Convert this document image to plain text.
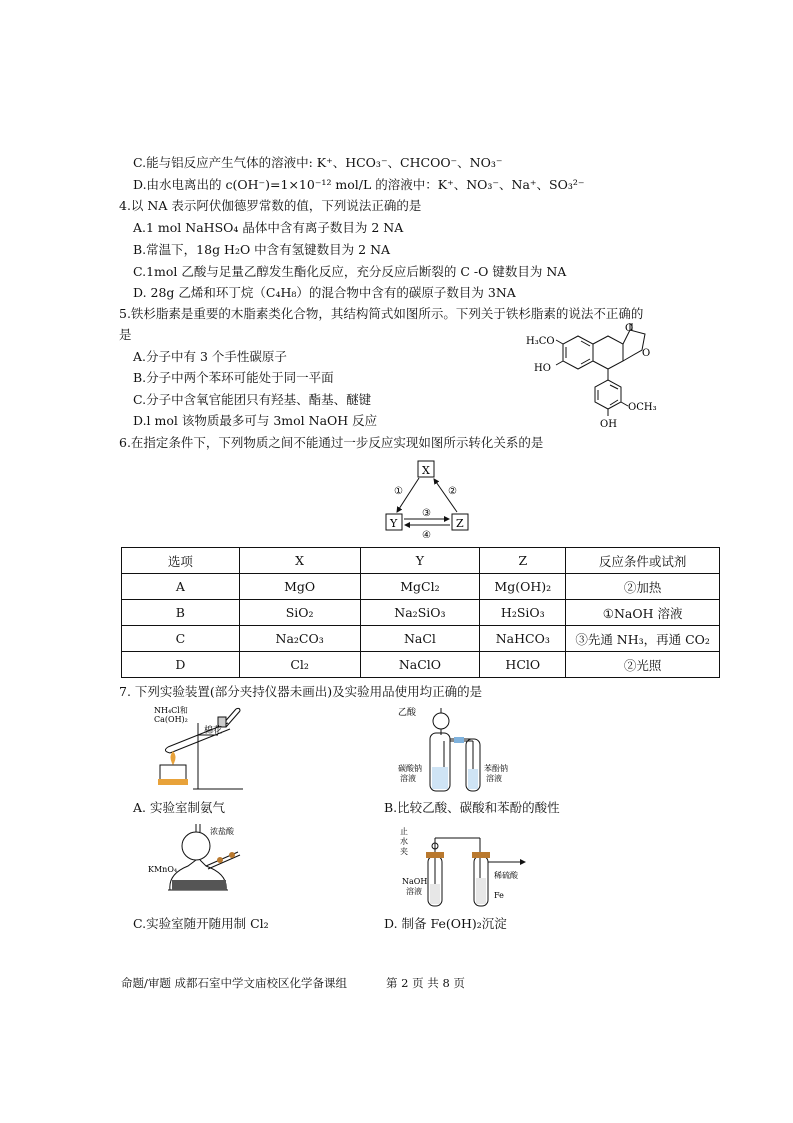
C.能与铝反应产生气体的溶液中: K⁺、HCO₃⁻、CHCOO⁻、NO₃⁻
D.由水电离出的 c(OH⁻)=1×10⁻¹² mol/L 的溶液中：K⁺、NO₃⁻、Na⁺、SO₃²⁻
4.以 NA 表示阿伏伽德罗常数的值，下列说法正确的是
A.1 mol NaHSO₄ 晶体中含有离子数目为 2 NA
B.常温下，18g H₂O 中含有氢键数目为 2 NA
C.1mol 乙酸与足量乙醇发生酯化反应，充分反应后断裂的 C -O 键数目为 NA
D. 28g 乙烯和环丁烷（C₄H₈）的混合物中含有的碳原子数目为 3NA
5.铁杉脂素是重要的木脂素类化合物，其结构简式如图所示。下列关于铁杉脂素的说法不正确的
是
A.分子中有 3 个手性碳原子
B.分子中两个苯环可能处于同一平面
C.分子中含氧官能团只有羟基、酯基、醚键
D.l mol 该物质最多可与 3mol NaOH 反应
O
O
H₃CO
HO
OCH₃
OH
6.在指定条件下，下列物质之间不能通过一步反应实现如图所示转化关系的是
X
Y	Z
①	②
③
④
选项	X	Y	Z	反应条件或试剂
A	MgO	MgCl₂	Mg(OH)₂	②加热
B	SiO₂	Na₂SiO₃	H₂SiO₃	①NaOH 溶液
C	Na₂CO₃	NaCl	NaHCO₃	③先通 NH₃，再通 CO₂
D	Cl₂	NaClO	HClO	②光照
7. 下列实验装置(部分夹持仪器未画出)及实验用品使用均正确的是
NH₄Cl和
Ca(OH)₂
棉花
A. 实验室制氨气
乙酸
碳酸钠
溶液
苯酚钠
溶液
B.比较乙酸、碳酸和苯酚的酸性
浓盐酸
KMnO₄
C.实验室随开随用制 Cl₂
止
水
夹
NaOH
溶液
稀硫酸
Fe
D. 制备 Fe(OH)₂沉淀
命题/审题 成都石室中学文庙校区化学备课组	第 2 页 共 8 页
